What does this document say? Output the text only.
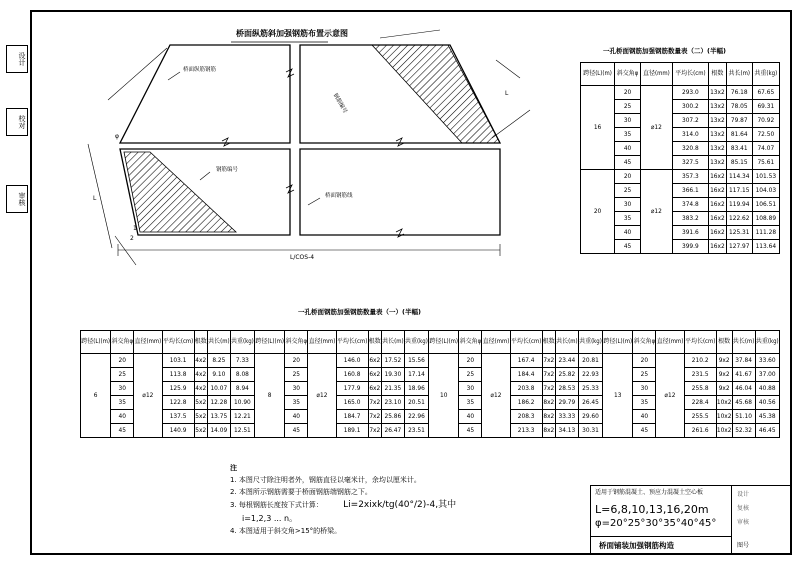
设计
校对
审核
桥面纵筋斜加强钢筋布置示意图
2
1
φ
L
L
桥面纵筋钢筋
钢筋编号
钢筋编号
桥面钢筋线
L/COS-4
一孔桥面钢筋加强钢筋数量表（二）(半幅)
跨径(L)(m)	斜交角φ	直径(mm)	平均长(cm)	根数	共长(m)	共重(kg)
16	20	⌀12	293.0	13x2	76.18	67.65
	25		300.2	13x2	78.05	69.31
	30		307.2	13x2	79.87	70.92
	35		314.0	13x2	81.64	72.50
	40		320.8	13x2	83.41	74.07
	45		327.5	13x2	85.15	75.61
20	20	⌀12	357.3	16x2	114.34	101.53
	25		366.1	16x2	117.15	104.03
	30		374.8	16x2	119.94	106.51
	35		383.2	16x2	122.62	108.89
	40		391.6	16x2	125.31	111.28
	45		399.9	16x2	127.97	113.64
一孔桥面钢筋加强钢筋数量表（一）(半幅)
跨径(L)(m)	斜交角φ	直径(mm)	平均长(cm)	根数	共长(m)	共重(kg)	跨径(L)(m)	斜交角φ	直径(mm)	平均长(cm)	根数	共长(m)	共重(kg)	跨径(L)(m)	斜交角φ	直径(mm)	平均长(cm)	根数	共长(m)	共重(kg)	跨径(L)(m)	斜交角φ	直径(mm)	平均长(cm)	根数	共长(m)	共重(kg)
6	20	⌀12	103.1	4x2	8.25	7.33	8	20	⌀12	146.0	6x2	17.52	15.56	10	20	⌀12	167.4	7x2	23.44	20.81	13	20	⌀12	210.2	9x2	37.84	33.60
	25		113.8	4x2	9.10	8.08		25		160.8	6x2	19.30	17.14		25		184.4	7x2	25.82	22.93		25		231.5	9x2	41.67	37.00
	30		125.9	4x2	10.07	8.94		30		177.9	6x2	21.35	18.96		30		203.8	7x2	28.53	25.33		30		255.8	9x2	46.04	40.88
	35		122.8	5x2	12.28	10.90		35		165.0	7x2	23.10	20.51		35		186.2	8x2	29.79	26.45		35		228.4	10x2	45.68	40.56
	40		137.5	5x2	13.75	12.21		40		184.7	7x2	25.86	22.96		40		208.3	8x2	33.33	29.60		40		255.5	10x2	51.10	45.38
	45		140.9	5x2	14.09	12.51		45		189.1	7x2	26.47	23.51		45		213.3	8x2	34.13	30.31		45		261.6	10x2	52.32	46.45
注
1. 本图尺寸除注明者外，钢筋直径以毫米计，余均以厘米计。
2. 本图所示钢筋需要于桥面钢筋端钢筋之下。
3. 每根钢筋长度按下式计算： Li=2xixk/tg(40°/2)-4,其中
i=1,2,3 ... n。
4. 本图适用于斜交角>15°的桥梁。
适用于钢筋混凝土、预应力混凝土空心板
L=6,8,10,13,16,20m
φ=20°25°30°35°40°45°
桥面铺装加强钢筋构造
设计
复核
审核
图号
